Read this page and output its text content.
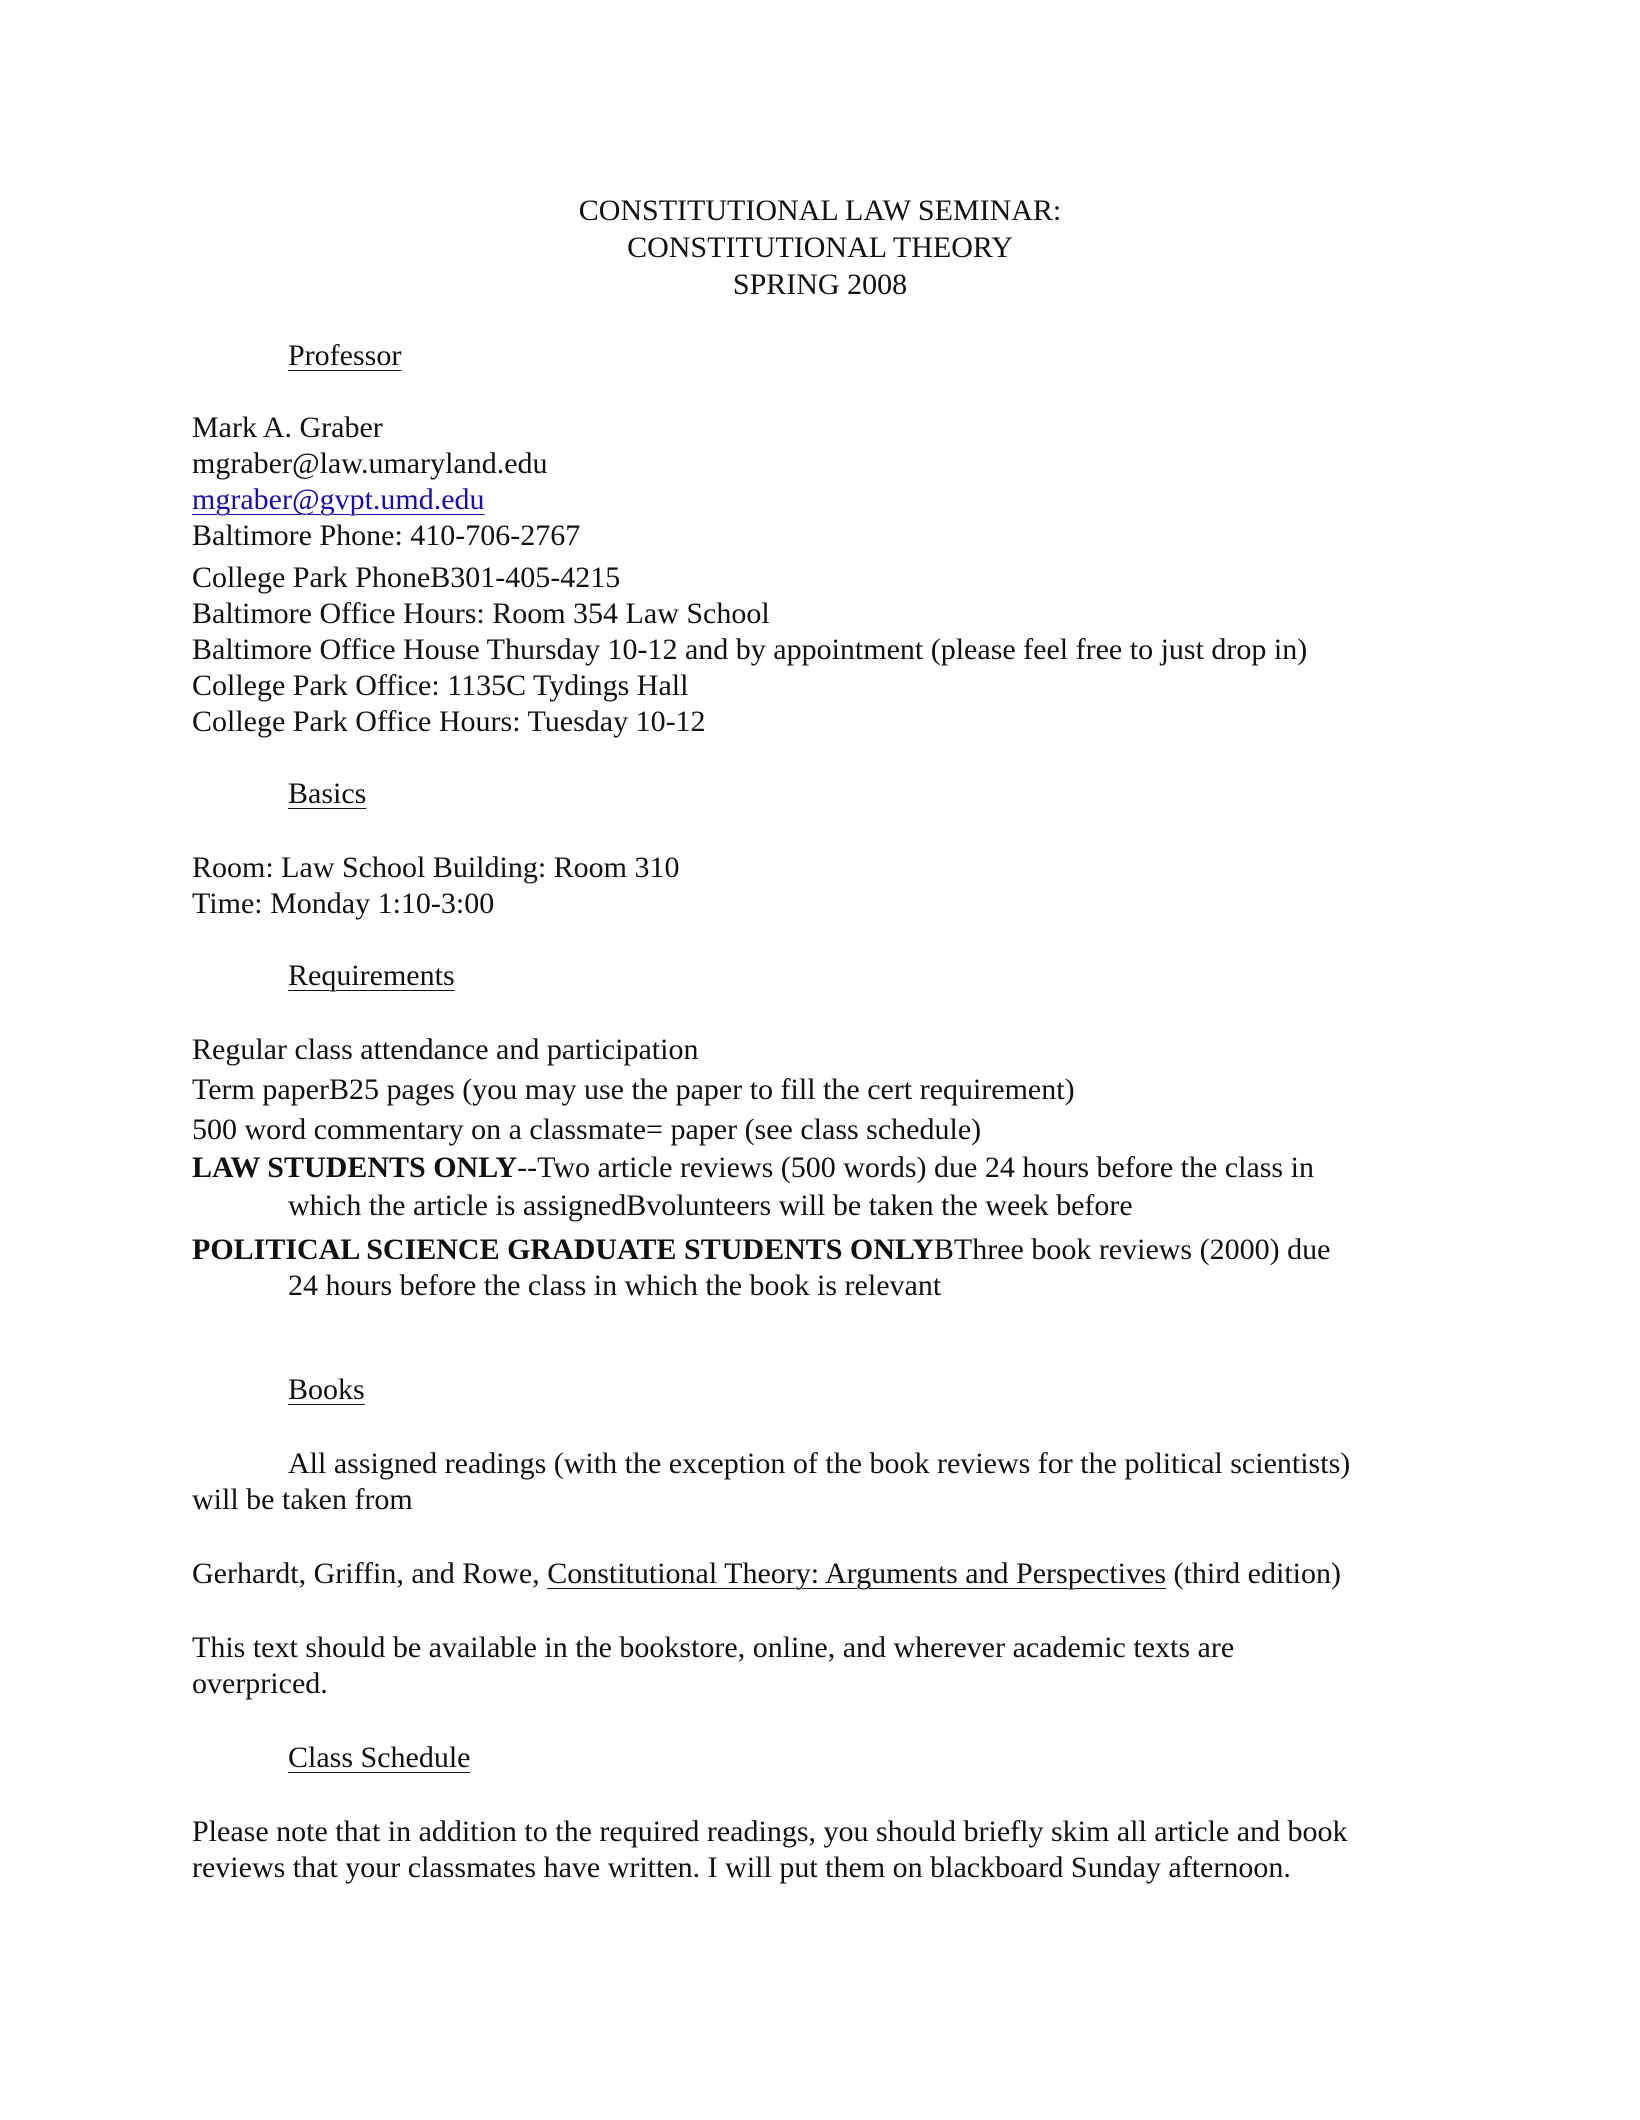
CONSTITUTIONAL LAW SEMINAR:
CONSTITUTIONAL THEORY
SPRING 2008
Professor
Mark A. Graber
mgraber@law.umaryland.edu
mgraber@gvpt.umd.edu
Baltimore Phone: 410-706-2767
College Park PhoneB301-405-4215
Baltimore Office Hours: Room 354 Law School
Baltimore Office House Thursday 10-12 and by appointment (please feel free to just drop in)
College Park Office: 1135C Tydings Hall
College Park Office Hours: Tuesday 10-12
Basics
Room: Law School Building: Room 310
Time: Monday 1:10-3:00
Requirements
Regular class attendance and participation
Term paperB25 pages (you may use the paper to fill the cert requirement)
500 word commentary on a classmate= paper (see class schedule)
LAW STUDENTS ONLY--Two article reviews (500 words) due 24 hours before the class in
which the article is assignedBvolunteers will be taken the week before
POLITICAL SCIENCE GRADUATE STUDENTS ONLYBThree book reviews (2000) due
24 hours before the class in which the book is relevant
Books
All assigned readings (with the exception of the book reviews for the political scientists)
will be taken from
Gerhardt, Griffin, and Rowe, Constitutional Theory: Arguments and Perspectives (third edition)
This text should be available in the bookstore, online, and wherever academic texts are
overpriced.
Class Schedule
Please note that in addition to the required readings, you should briefly skim all article and book
reviews that your classmates have written. I will put them on blackboard Sunday afternoon.
